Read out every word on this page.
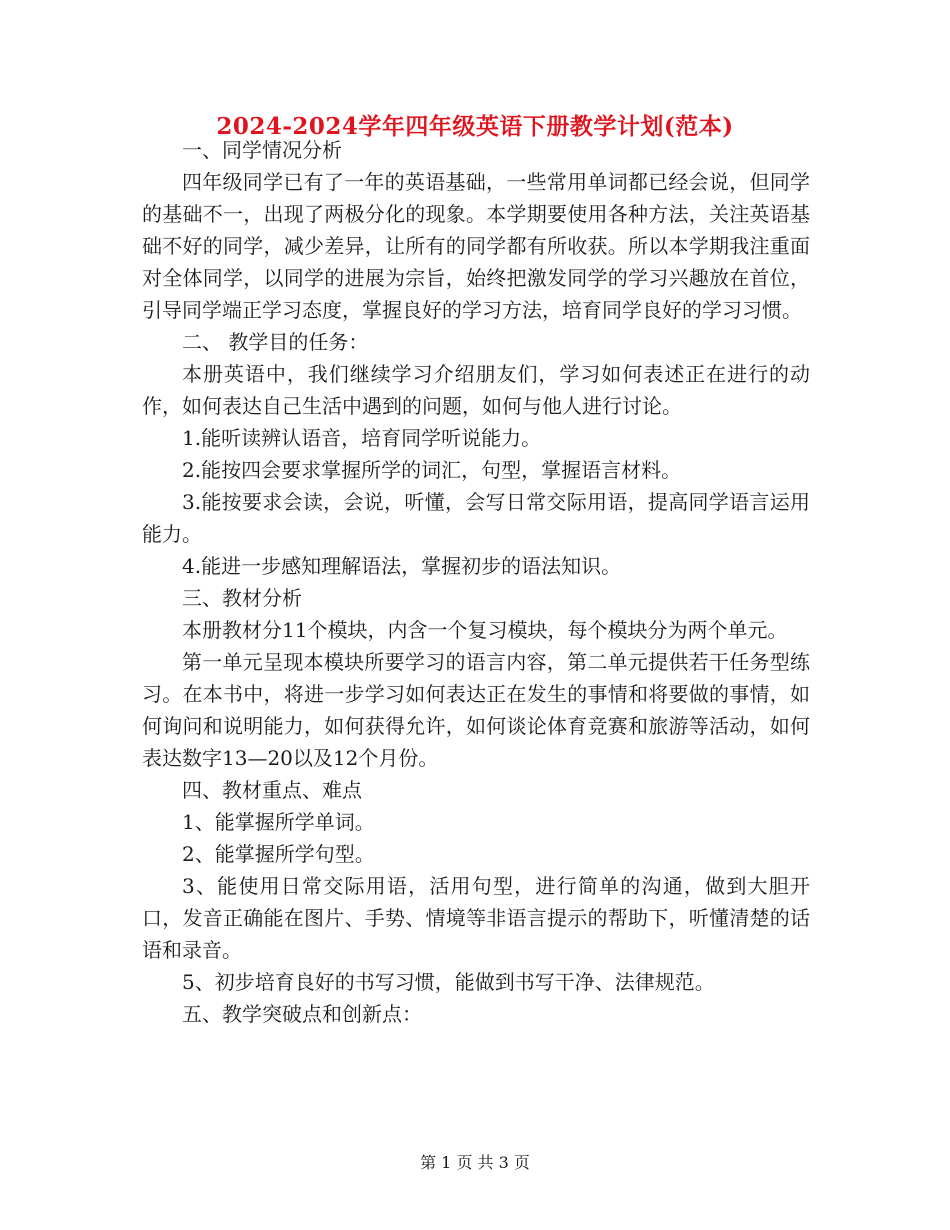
2024-2024学年四年级英语下册教学计划(范本)

一、同学情况分析

四年级同学已有了一年的英语基础，一些常用单词都已经会说，但同学的基础不一，出现了两极分化的现象。本学期要使用各种方法，关注英语基础不好的同学，减少差异，让所有的同学都有所收获。所以本学期我注重面对全体同学，以同学的进展为宗旨，始终把激发同学的学习兴趣放在首位，引导同学端正学习态度，掌握良好的学习方法，培育同学良好的学习习惯。

二、 教学目的任务：

本册英语中，我们继续学习介绍朋友们，学习如何表述正在进行的动作，如何表达自己生活中遇到的问题，如何与他人进行讨论。

1.能听读辨认语音，培育同学听说能力。

2.能按四会要求掌握所学的词汇，句型，掌握语言材料。

3.能按要求会读，会说，听懂，会写日常交际用语，提高同学语言运用能力。

4.能进一步感知理解语法，掌握初步的语法知识。

三、教材分析

本册教材分11个模块，内含一个复习模块，每个模块分为两个单元。

第一单元呈现本模块所要学习的语言内容，第二单元提供若干任务型练习。在本书中，将进一步学习如何表达正在发生的事情和将要做的事情，如何询问和说明能力，如何获得允许，如何谈论体育竞赛和旅游等活动，如何表达数字13—20以及12个月份。

四、教材重点、难点

1、能掌握所学单词。

2、能掌握所学句型。

3、能使用日常交际用语，活用句型，进行简单的沟通，做到大胆开口，发音正确能在图片、手势、情境等非语言提示的帮助下，听懂清楚的话语和录音。

5、初步培育良好的书写习惯，能做到书写干净、法律规范。

五、教学突破点和创新点：

第 1 页 共 3 页
